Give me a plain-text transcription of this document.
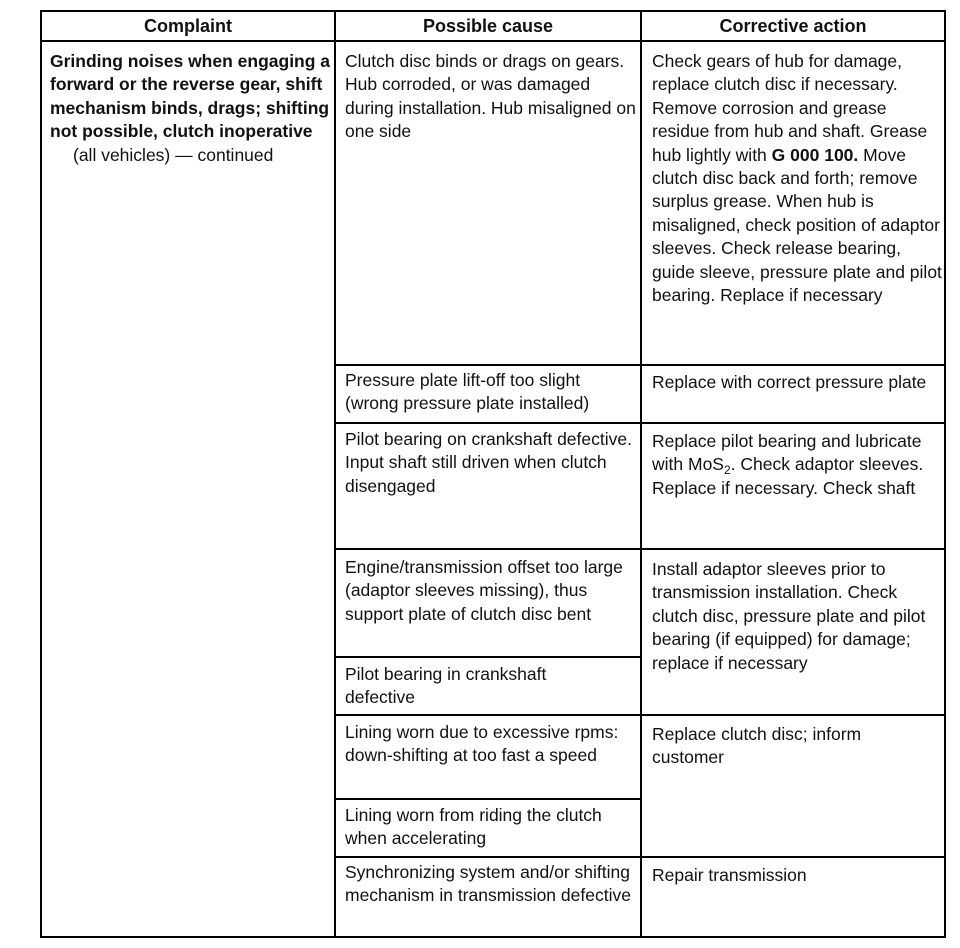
Complaint	Possible cause	Corrective action
Grinding noises when engaging a forward or the reverse gear, shift mechanism binds, drags; shifting not possible, clutch inoperative
(all vehicles) — continued
Clutch disc binds or drags on gears. Hub corroded, or was damaged during installation. Hub misaligned on one side
Pressure plate lift-off too slight (wrong pressure plate installed)
Pilot bearing on crankshaft defective. Input shaft still driven when clutch disengaged
Engine/transmission offset too large (adaptor sleeves missing), thus support plate of clutch disc bent
Pilot bearing in crankshaft defective
Lining worn due to excessive rpms: down-shifting at too fast a speed
Lining worn from riding the clutch when accelerating
Synchronizing system and/or shifting mechanism in transmission defective
Check gears of hub for damage, replace clutch disc if necessary. Remove corrosion and grease residue from hub and shaft. Grease hub lightly with G 000 100. Move clutch disc back and forth; remove surplus grease. When hub is misaligned, check position of adaptor sleeves. Check release bearing, guide sleeve, pressure plate and pilot bearing. Replace if necessary
Replace with correct pressure plate
Replace pilot bearing and lubricate with MoS$_2$. Check adaptor sleeves. Replace if necessary. Check shaft
Install adaptor sleeves prior to transmission installation. Check clutch disc, pressure plate and pilot bearing (if equipped) for damage; replace if necessary
Replace clutch disc; inform customer
Repair transmission
